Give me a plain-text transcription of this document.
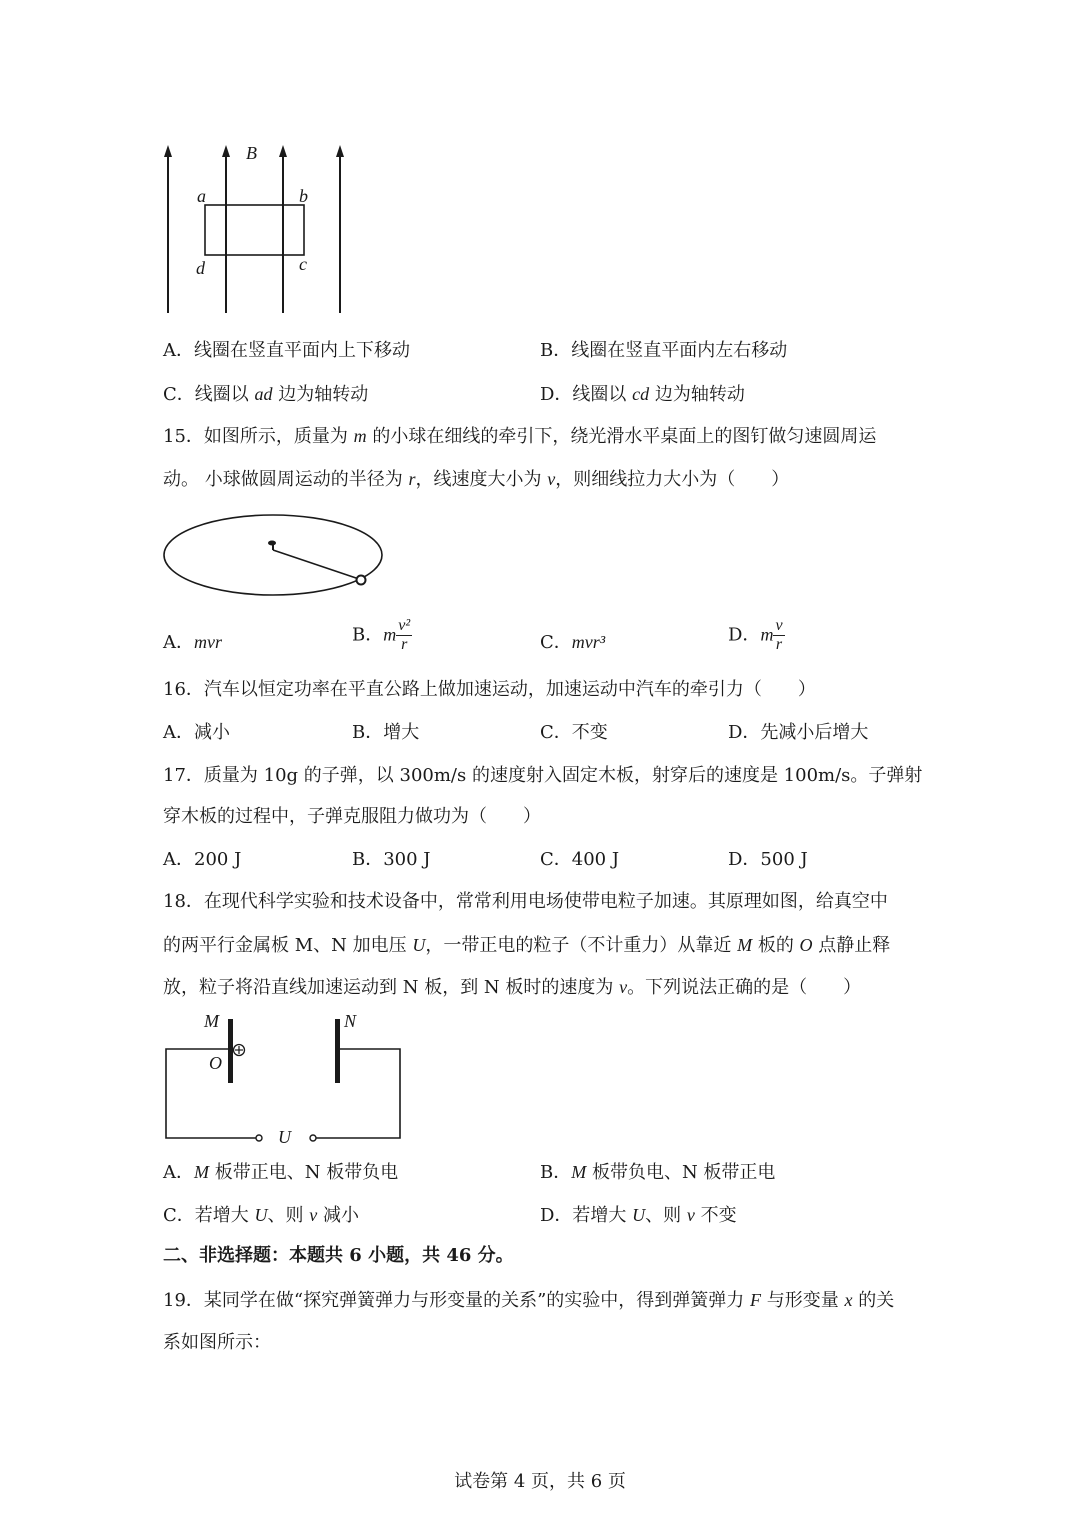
B
a	b
d	c
A．线圈在竖直平面内上下移动	B．线圈在竖直平面内左右移动
C．线圈以 ad 边为轴转动	D．线圈以 cd 边为轴转动
15．如图所示，质量为 m 的小球在细线的牵引下，绕光滑水平桌面上的图钉做匀速圆周运
动。 小球做圆周运动的半径为 r，线速度大小为 v，则细线拉力大小为（　　）
A．mvr	B．m $\frac{\text{v²}}{r}$	C．mvr³	D．m $\frac{v}{r}$
16．汽车以恒定功率在平直公路上做加速运动，加速运动中汽车的牵引力（　　）
A．减小	B．增大	C．不变	D．先减小后增大
17．质量为 10g 的子弹，以 300m/s 的速度射入固定木板，射穿后的速度是 100m/s。子弹射
穿木板的过程中，子弹克服阻力做功为（　　）
A．200 J	B．300 J	C．400 J	D．500 J
18．在现代科学实验和技术设备中，常常利用电场使带电粒子加速。其原理如图，给真空中
的两平行金属板 M、N 加电压 U，一带正电的粒子（不计重力）从靠近 M 板的 O 点静止释
放，粒子将沿直线加速运动到 N 板，到 N 板时的速度为 v。下列说法正确的是（　　）
M	N
O
U
A．M 板带正电、N 板带负电	B．M 板带负电、N 板带正电
C．若增大 U、则 v 减小	D．若增大 U、则 v 不变
二、非选择题：本题共 6 小题，共 46 分。
19．某同学在做“探究弹簧弹力与形变量的关系”的实验中，得到弹簧弹力 F 与形变量 x 的关
系如图所示：
试卷第 4 页，共 6 页
